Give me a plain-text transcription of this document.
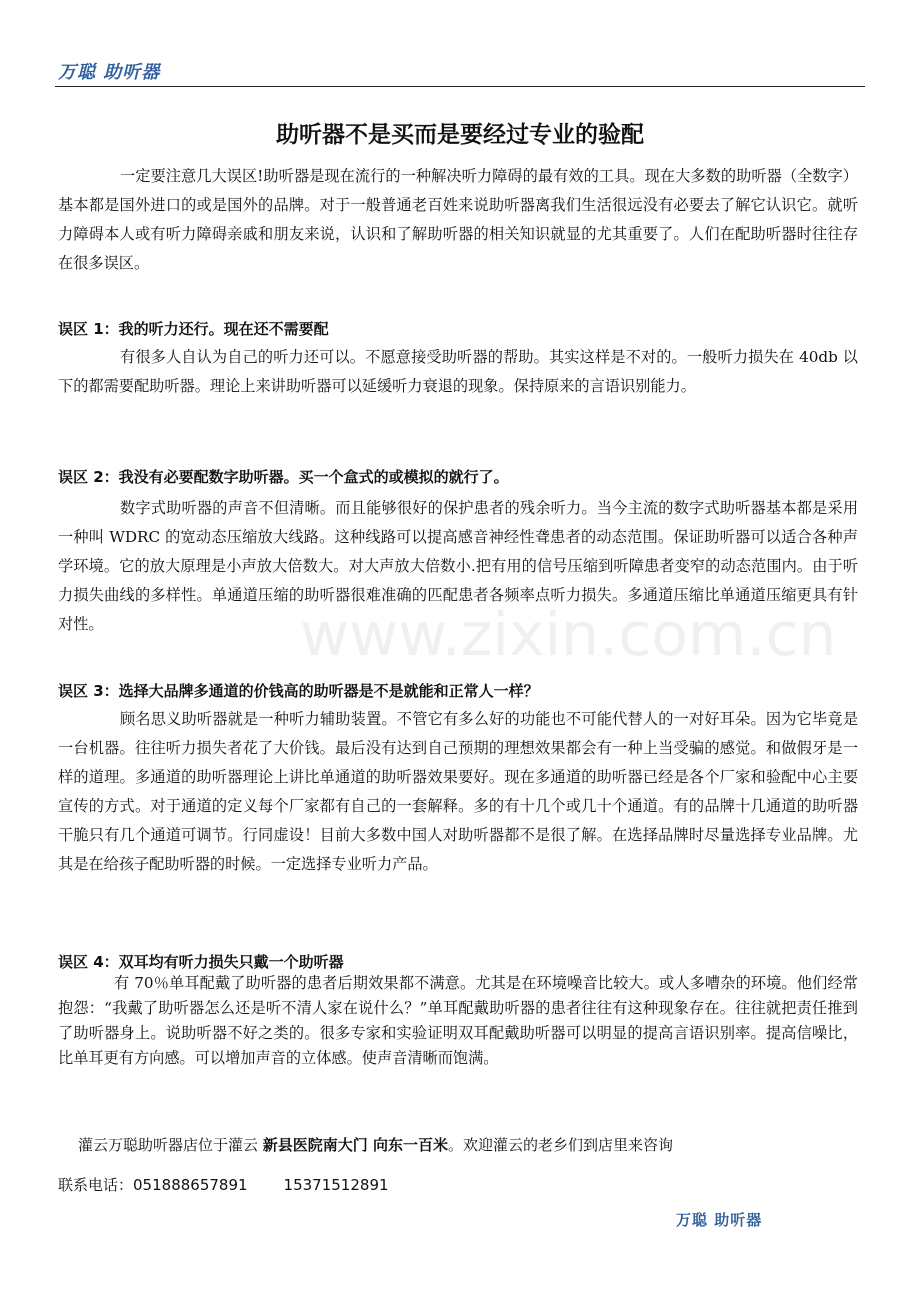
www.zixin.com.cn
万聪 助听器
助听器不是买而是要经过专业的验配

一定要注意几大误区!助听器是现在流行的一种解决听力障碍的最有效的工具。现在大多数的助听器（全数字）基本都是国外进口的或是国外的品牌。对于一般普通老百姓来说助听器离我们生活很远没有必要去了解它认识它。就听力障碍本人或有听力障碍亲戚和朋友来说，认识和了解助听器的相关知识就显的尤其重要了。人们在配助听器时往往存在很多误区。

误区 1：我的听力还行。现在还不需要配

有很多人自认为自己的听力还可以。不愿意接受助听器的帮助。其实这样是不对的。一般听力损失在 40db 以下的都需要配助听器。理论上来讲助听器可以延缓听力衰退的现象。保持原来的言语识别能力。

误区 2：我没有必要配数字助听器。买一个盒式的或模拟的就行了。

数字式助听器的声音不但清晰。而且能够很好的保护患者的残余听力。当今主流的数字式助听器基本都是采用一种叫 WDRC 的宽动态压缩放大线路。这种线路可以提高感音神经性聋患者的动态范围。保证助听器可以适合各种声学环境。它的放大原理是小声放大倍数大。对大声放大倍数小.把有用的信号压缩到听障患者变窄的动态范围内。由于听力损失曲线的多样性。单通道压缩的助听器很难准确的匹配患者各频率点听力损失。多通道压缩比单通道压缩更具有针对性。

误区 3：选择大品牌多通道的价钱高的助听器是不是就能和正常人一样？

顾名思义助听器就是一种听力辅助装置。不管它有多么好的功能也不可能代替人的一对好耳朵。因为它毕竟是一台机器。往往听力损失者花了大价钱。最后没有达到自己预期的理想效果都会有一种上当受骗的感觉。和做假牙是一样的道理。多通道的助听器理论上讲比单通道的助听器效果要好。现在多通道的助听器已经是各个厂家和验配中心主要宣传的方式。对于通道的定义每个厂家都有自己的一套解释。多的有十几个或几十个通道。有的品牌十几通道的助听器干脆只有几个通道可调节。行同虚设！目前大多数中国人对助听器都不是很了解。在选择品牌时尽量选择专业品牌。尤其是在给孩子配助听器的时候。一定选择专业听力产品。

误区 4：双耳均有听力损失只戴一个助听器

有 70％单耳配戴了助听器的患者后期效果都不满意。尤其是在环境噪音比较大。或人多嘈杂的环境。他们经常抱怨：“我戴了助听器怎么还是听不清人家在说什么？”单耳配戴助听器的患者往往有这种现象存在。往往就把责任推到了助听器身上。说助听器不好之类的。很多专家和实验证明双耳配戴助听器可以明显的提高言语识别率。提高信噪比，比单耳更有方向感。可以增加声音的立体感。使声音清晰而饱满。

灌云万聪助听器店位于灌云 新县医院南大门 向东一百米。欢迎灌云的老乡们到店里来咨询
联系电话：051888657891 15371512891
万聪 助听器
